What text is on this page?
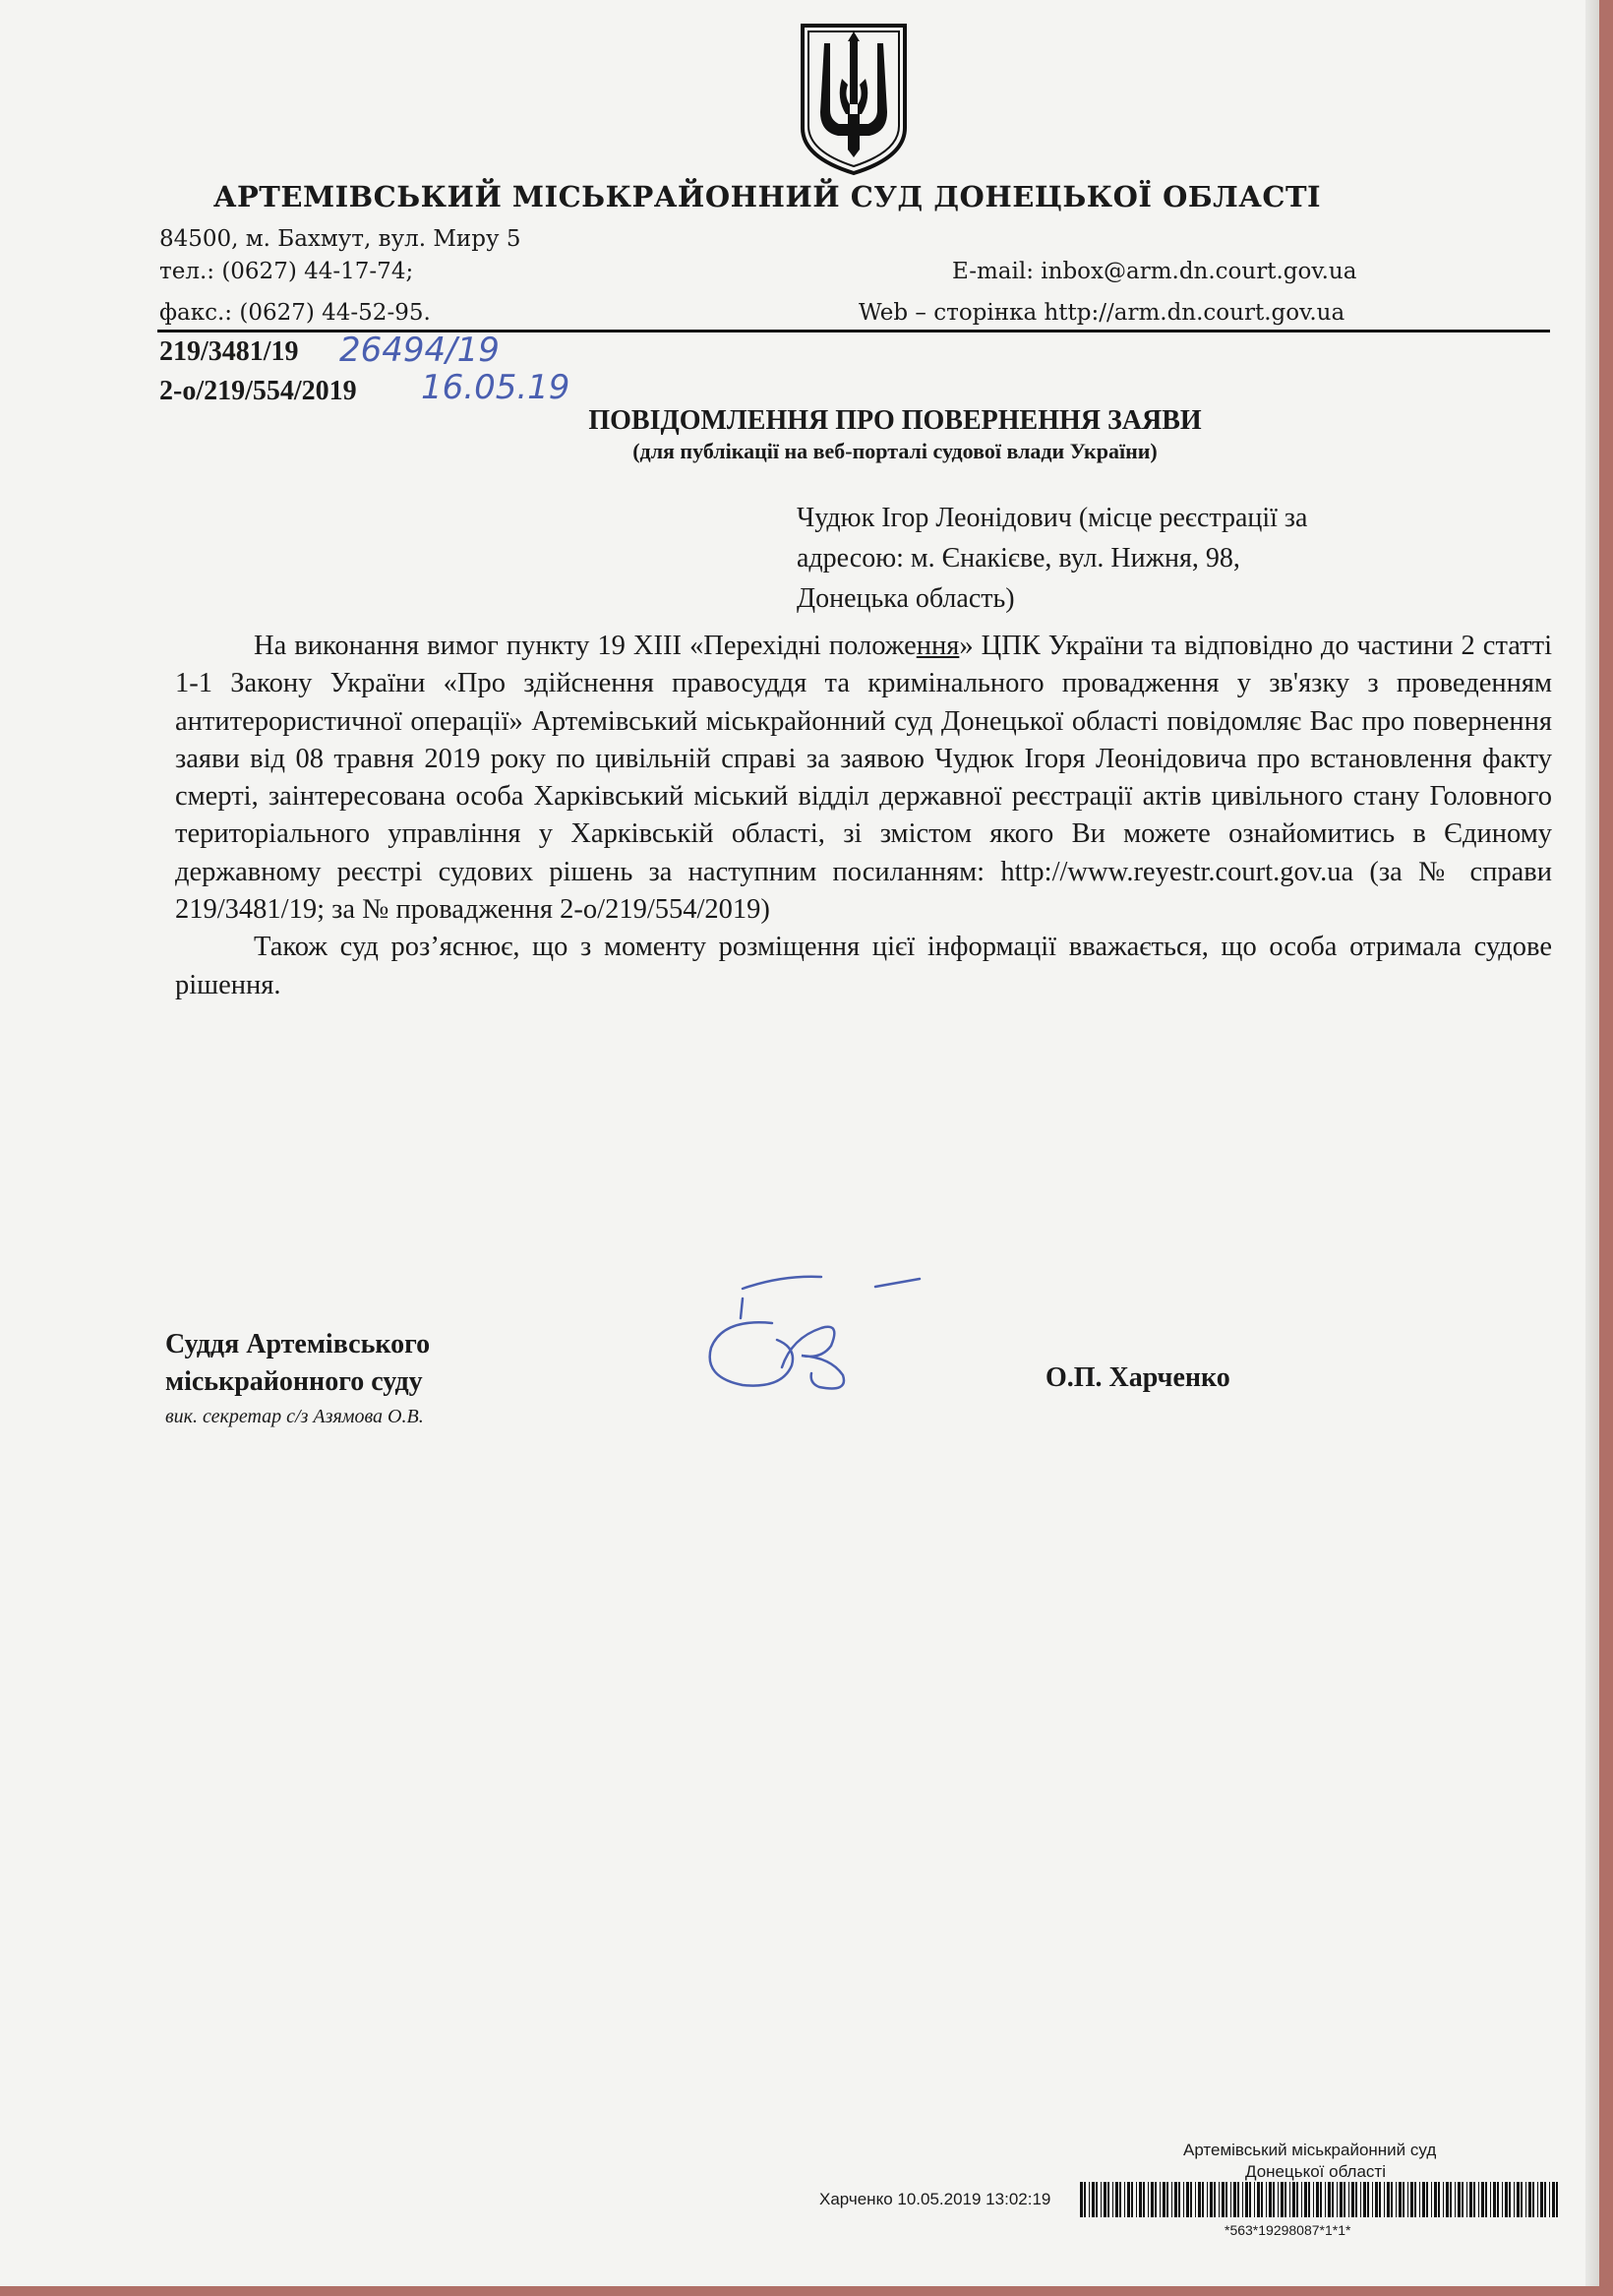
АРТЕМІВСЬКИЙ МІСЬКРАЙОННИЙ СУД ДОНЕЦЬКОЇ ОБЛАСТІ
84500, м. Бахмут, вул. Миру 5
тел.: (0627) 44-17-74;
факс.: (0627) 44-52-95.
E-mail: inbox@arm.dn.court.gov.ua
Web – сторінка http://arm.dn.court.gov.ua
219/3481/19
2-о/219/554/2019
26494/19
16.05.19
ПОВІДОМЛЕННЯ ПРО ПОВЕРНЕННЯ ЗАЯВИ
(для публікації на веб-порталі судової влади України)
Чудюк Ігор Леонідович (місце реєстрації за
адресою: м. Єнакієве, вул. Нижня, 98,
Донецька область)

На виконання вимог пункту 19 XIII «Перехідні положення» ЦПК України та відповідно до частини 2 статті 1-1 Закону України «Про здійснення правосуддя та кримінального провадження у зв'язку з проведенням антитерористичної операції» Артемівський міськрайонний суд Донецької області повідомляє Вас про повернення заяви від 08 травня 2019 року по цивільній справі за заявою Чудюк Ігоря Леонідовича про встановлення факту смерті, заінтересована особа Харківський міський відділ державної реєстрації актів цивільного стану Головного територіального управління у Харківській області, зі змістом якого Ви можете ознайомитись в Єдиному державному реєстрі судових рішень за наступним посиланням: http://www.reyestr.court.gov.ua (за № справи 219/3481/19; за № провадження 2-о/219/554/2019)

Також суд роз’яснює, що з моменту розміщення цієї інформації вважається, що особа отримала судове рішення.

Суддя Артемівського
міськрайонного суду
вик. секретар с/з Азямова О.В.
О.П. Харченко
Артемівський міськрайонний суд
Донецької області
Харченко 10.05.2019 13:02:19
*563*19298087*1*1*
